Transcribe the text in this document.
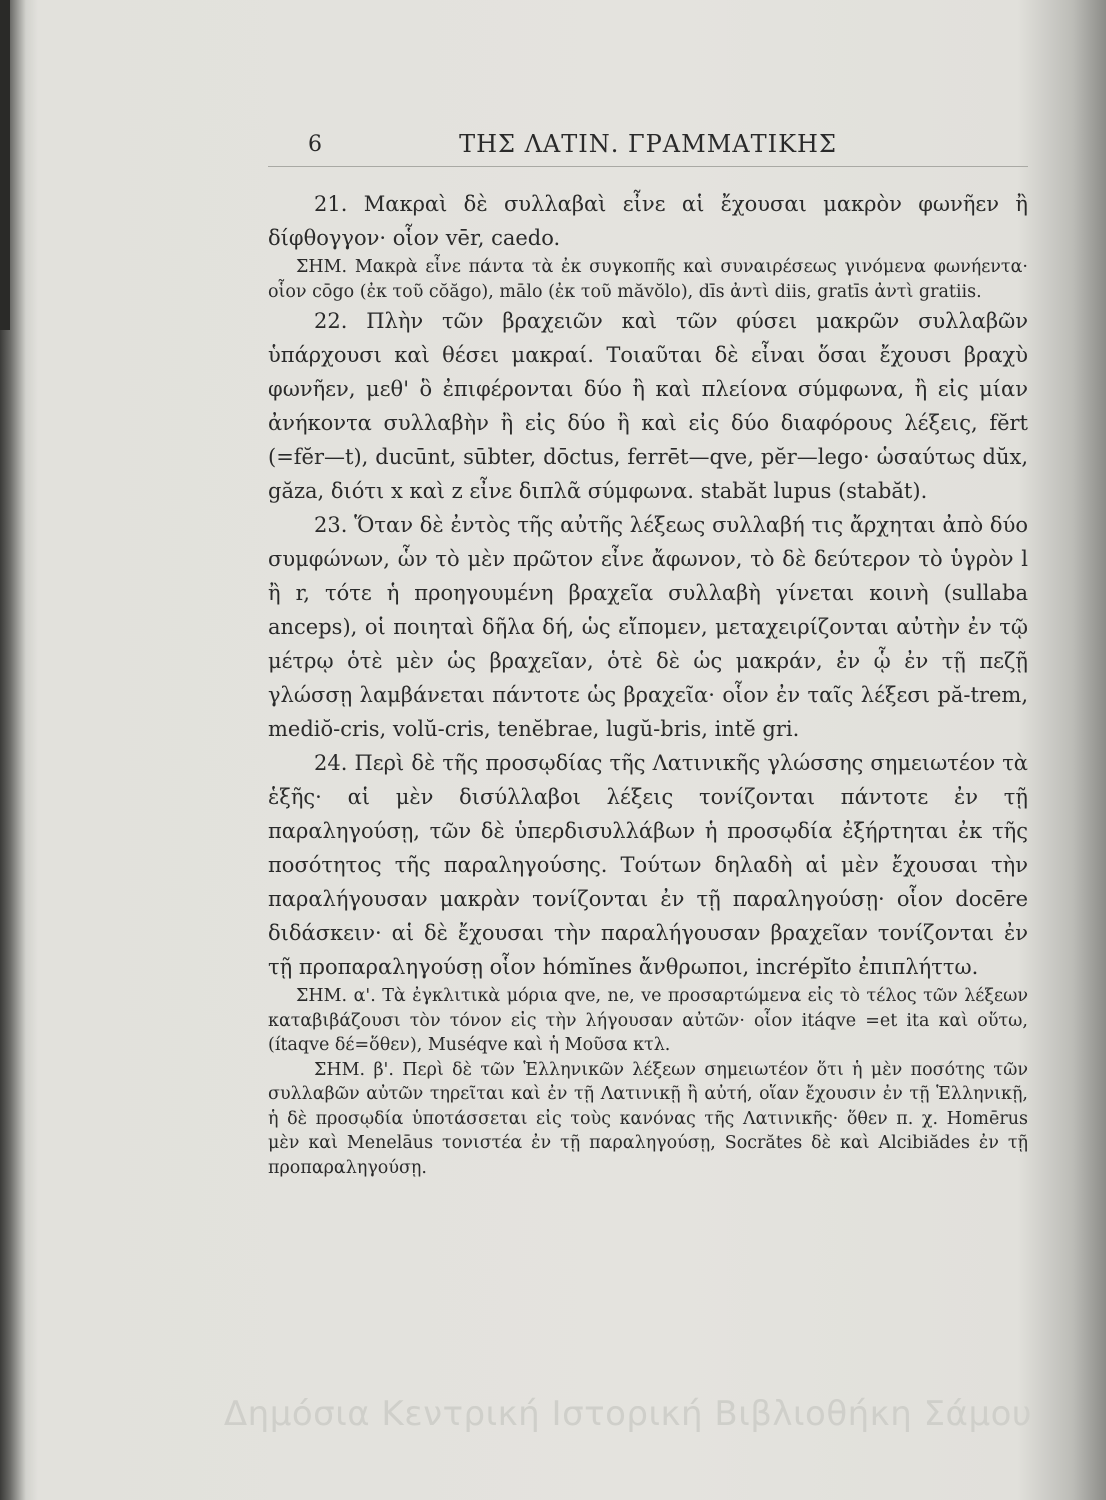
6	ΤΗΣ ΛΑΤΙΝ. ΓΡΑΜΜΑΤΙΚΗΣ

21. Μακραὶ δὲ συλλαβαὶ εἶνε αἱ ἔχουσαι μακρὸν φωνῆεν ἢ δίφθογγον· οἷον vēr, caedo.

ΣΗΜ. Μακρὰ εἶνε πάντα τὰ ἐκ συγκοπῆς καὶ συναιρέσεως γινόμενα φωνήεντα· οἷον cōgo (ἐκ τοῦ cŏăgo), mālo (ἐκ τοῦ măvŏlo), dīs ἀντὶ diis, gratīs ἀντὶ gratiis.

22. Πλὴν τῶν βραχειῶν καὶ τῶν φύσει μακρῶν συλλαβῶν ὑπάρχουσι καὶ θέσει μακραί. Τοιαῦται δὲ εἶναι ὅσαι ἔχουσι βραχὺ φωνῆεν, μεθ' ὃ ἐπιφέρονται δύο ἢ καὶ πλείονα σύμφωνα, ἢ εἰς μίαν ἀνήκοντα συλλαβὴν ἢ εἰς δύο ἢ καὶ εἰς δύο διαφόρους λέξεις, fĕrt (=fĕr—t), ducūnt, sūbter, dōctus, ferrēt—qve, pĕr—lego· ὡσαύτως dŭx, găza, διότι x καὶ z εἶνε διπλᾶ σύμφωνα. stabăt lupus (stabăt).

23. Ὅταν δὲ ἐντὸς τῆς αὐτῆς λέξεως συλλαβή τις ἄρχηται ἀπὸ δύο συμφώνων, ὧν τὸ μὲν πρῶτον εἶνε ἄφωνον, τὸ δὲ δεύτερον τὸ ὑγρὸν l ἢ r, τότε ἡ προηγουμένη βραχεῖα συλλαβὴ γίνεται κοινὴ (sullaba anceps), οἱ ποιηταὶ δῆλα δή, ὡς εἴπομεν, μεταχειρίζονται αὐτὴν ἐν τῷ μέτρῳ ὁτὲ μὲν ὡς βραχεῖαν, ὁτὲ δὲ ὡς μακράν, ἐν ᾧ ἐν τῇ πεζῇ γλώσσῃ λαμβάνεται πάντοτε ὡς βραχεῖα· οἷον ἐν ταῖς λέξεσι pă-trem, mediŏ-cris, volŭ-cris, tenĕbrae, lugŭ-bris, intĕ gri.

24. Περὶ δὲ τῆς προσῳδίας τῆς Λατινικῆς γλώσσης σημειωτέον τὰ ἑξῆς· αἱ μὲν δισύλλαβοι λέξεις τονίζονται πάντοτε ἐν τῇ παραληγούσῃ, τῶν δὲ ὑπερδισυλλάβων ἡ προσῳδία ἐξήρτηται ἐκ τῆς ποσότητος τῆς παραληγούσης. Τούτων δηλαδὴ αἱ μὲν ἔχουσαι τὴν παραλήγουσαν μακρὰν τονίζονται ἐν τῇ παραληγούσῃ· οἷον docēre διδάσκειν· αἱ δὲ ἔχουσαι τὴν παραλήγουσαν βραχεῖαν τονίζονται ἐν τῇ προπαραληγούσῃ οἷον hómĭnes ἄνθρωποι, incrépĭto ἐπιπλήττω.

ΣΗΜ. α'. Τὰ ἐγκλιτικὰ μόρια qve, ne, ve προσαρτώμενα εἰς τὸ τέλος τῶν λέξεων καταβιβάζουσι τὸν τόνον εἰς τὴν λήγουσαν αὐτῶν· οἷον itáqve =et ita καὶ οὕτω, (ítaqve δέ=ὅθεν), Muséqve καὶ ἡ Μοῦσα κτλ.

ΣΗΜ. β'. Περὶ δὲ τῶν Ἑλληνικῶν λέξεων σημειωτέον ὅτι ἡ μὲν ποσότης τῶν συλλαβῶν αὐτῶν τηρεῖται καὶ ἐν τῇ Λατινικῇ ἢ αὐτή, οἵαν ἔχουσιν ἐν τῇ Ἑλληνικῇ, ἡ δὲ προσῳδία ὑποτάσσεται εἰς τοὺς κανόνας τῆς Λατινικῆς· ὅθεν π. χ. Homērus μὲν καὶ Menelāus τονιστέα ἐν τῇ παραληγούσῃ, Socrătes δὲ καὶ Alcibiădes ἐν τῇ προπαραληγούσῃ.

Δημόσια Κεντρική Ιστορική Βιβλιοθήκη Σάμου
